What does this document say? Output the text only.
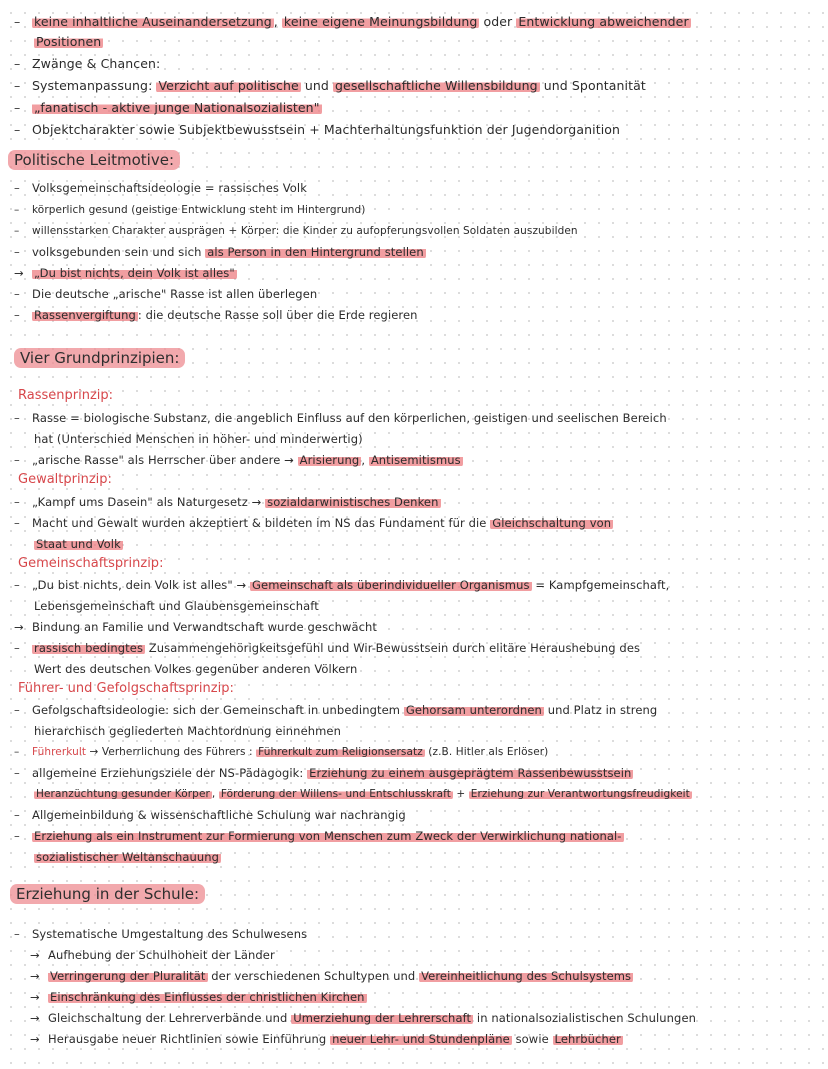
– keine inhaltliche Auseinandersetzung , keine eigene Meinungsbildung oder Entwicklung abweichender
Positionen
– Zwänge & Chancen:
– Systemanpassung: Verzicht auf politische und gesellschaftliche Willensbildung und Spontanität
– „fanatisch - aktive junge Nationalsozialisten"
– Objektcharakter sowie Subjektbewusstsein + Machterhaltungsfunktion der Jugendorganition
Politische Leitmotive:
– Volksgemeinschaftsideologie = rassisches Volk
– körperlich gesund (geistige Entwicklung steht im Hintergrund)
– willensstarken Charakter ausprägen + Körper: die Kinder zu aufopferungsvollen Soldaten auszubilden
– volksgebunden sein und sich als Person in den Hintergrund stellen
→ „Du bist nichts, dein Volk ist alles"
– Die deutsche „arische" Rasse ist allen überlegen
– Rassenvergiftung : die deutsche Rasse soll über die Erde regieren
Vier Grundprinzipien:
Rassenprinzip:
– Rasse = biologische Substanz, die angeblich Einfluss auf den körperlichen, geistigen und seelischen Bereich
hat (Unterschied Menschen in höher- und minderwertig)
– „arische Rasse" als Herrscher über andere → Arisierung , Antisemitismus
Gewaltprinzip:
– „Kampf ums Dasein" als Naturgesetz → sozialdarwinistisches Denken
– Macht und Gewalt wurden akzeptiert & bildeten im NS das Fundament für die Gleichschaltung von
Staat und Volk
Gemeinschaftsprinzip:
– „Du bist nichts, dein Volk ist alles" → Gemeinschaft als überindividueller Organismus = Kampfgemeinschaft,
Lebensgemeinschaft und Glaubensgemeinschaft
→ Bindung an Familie und Verwandtschaft wurde geschwächt
– rassisch bedingtes Zusammengehörigkeitsgefühl und Wir-Bewusstsein durch elitäre Heraushebung des
Wert des deutschen Volkes gegenüber anderen Völkern
Führer- und Gefolgschaftsprinzip:
– Gefolgschaftsideologie: sich der Gemeinschaft in unbedingtem Gehorsam unterordnen und Platz in streng
hierarchisch gegliederten Machtordnung einnehmen
– Führerkult → Verherrlichung des Führers : Führerkult zum Religionsersatz (z.B. Hitler als Erlöser)
– allgemeine Erziehungsziele der NS-Pädagogik: Erziehung zu einem ausgeprägtem Rassenbewusstsein
Heranzüchtung gesunder Körper , Förderung der Willens- und Entschlusskraft + Erziehung zur Verantwortungsfreudigkeit
– Allgemeinbildung & wissenschaftliche Schulung war nachrangig
– Erziehung als ein Instrument zur Formierung von Menschen zum Zweck der Verwirklichung national-
sozialistischer Weltanschauung
Erziehung in der Schule:
– Systematische Umgestaltung des Schulwesens
→ Aufhebung der Schulhoheit der Länder
→ Verringerung der Pluralität der verschiedenen Schultypen und Vereinheitlichung des Schulsystems
→ Einschränkung des Einflusses der christlichen Kirchen
→ Gleichschaltung der Lehrerverbände und Umerziehung der Lehrerschaft in nationalsozialistischen Schulungen
→ Herausgabe neuer Richtlinien sowie Einführung neuer Lehr- und Stundenpläne sowie Lehrbücher
